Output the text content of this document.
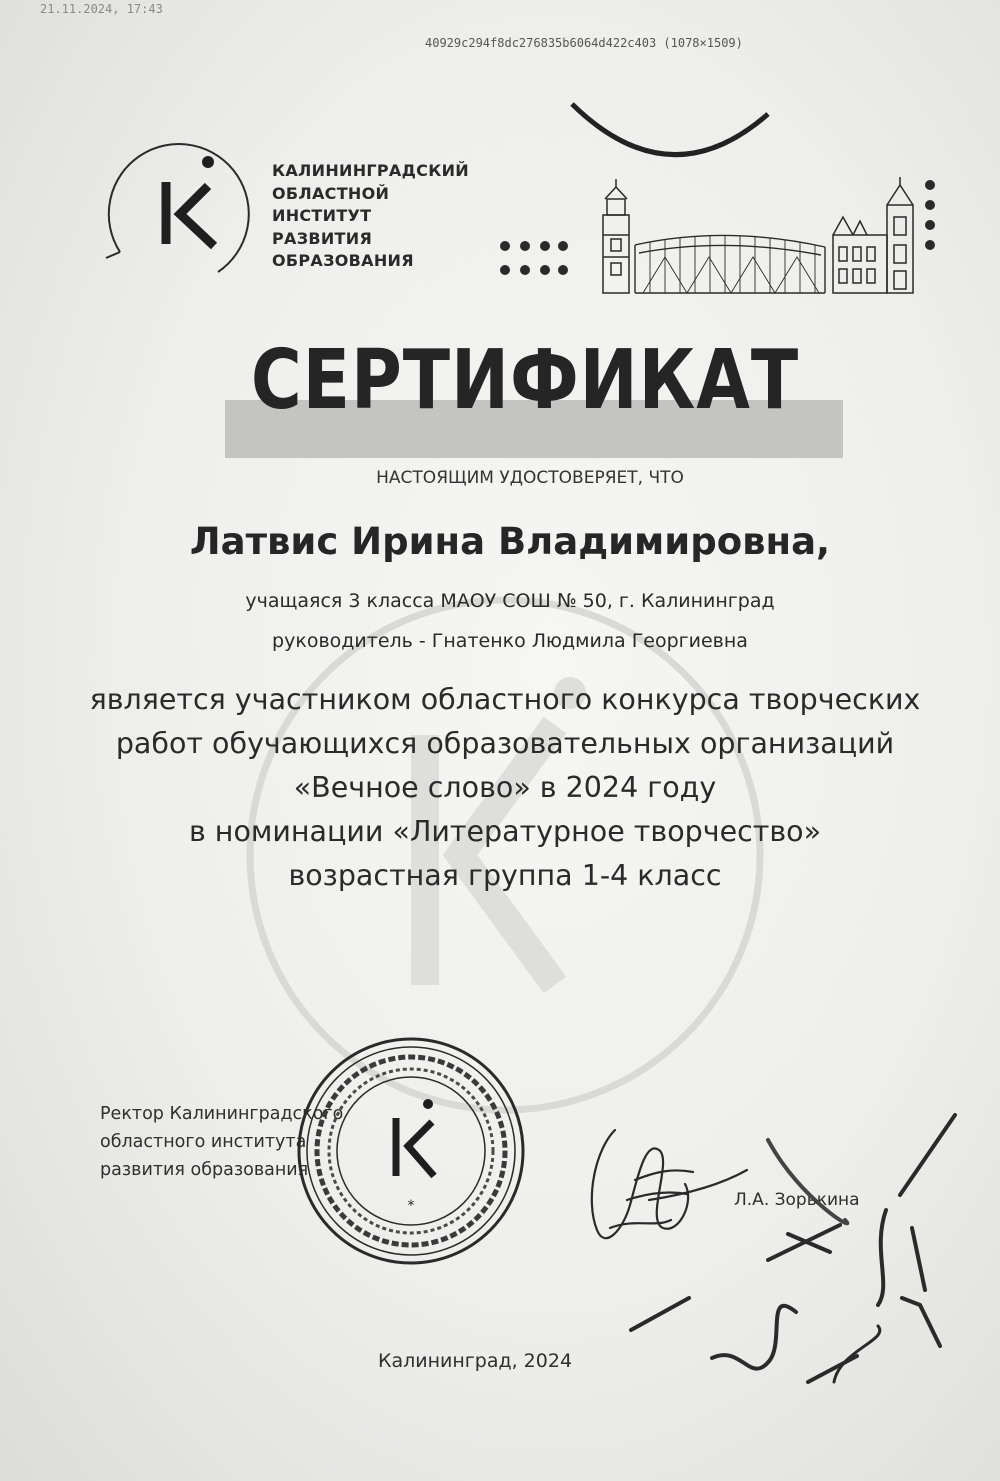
21.11.2024, 17:43
40929c294f8dc276835b6064d422c403 (1078×1509)
КАЛИНИНГРАДСКИЙ
ОБЛАСТНОЙ
ИНСТИТУТ
РАЗВИТИЯ
ОБРАЗОВАНИЯ
СЕРТИФИКАТ
НАСТОЯЩИМ УДОСТОВЕРЯЕТ, ЧТО
Латвис Ирина Владимировна,
учащаяся 3 класса МАОУ СОШ № 50, г. Калининград
руководитель - Гнатенко Людмила Георгиевна
является участником областного конкурса творческих
работ обучающихся образовательных организаций
«Вечное слово» в 2024 году
в номинации «Литературное творчество»
возрастная группа 1-4 класс
Ректор Калининградского
областного института
развития образования
*	Л.А. Зорькина
Калининград, 2024
